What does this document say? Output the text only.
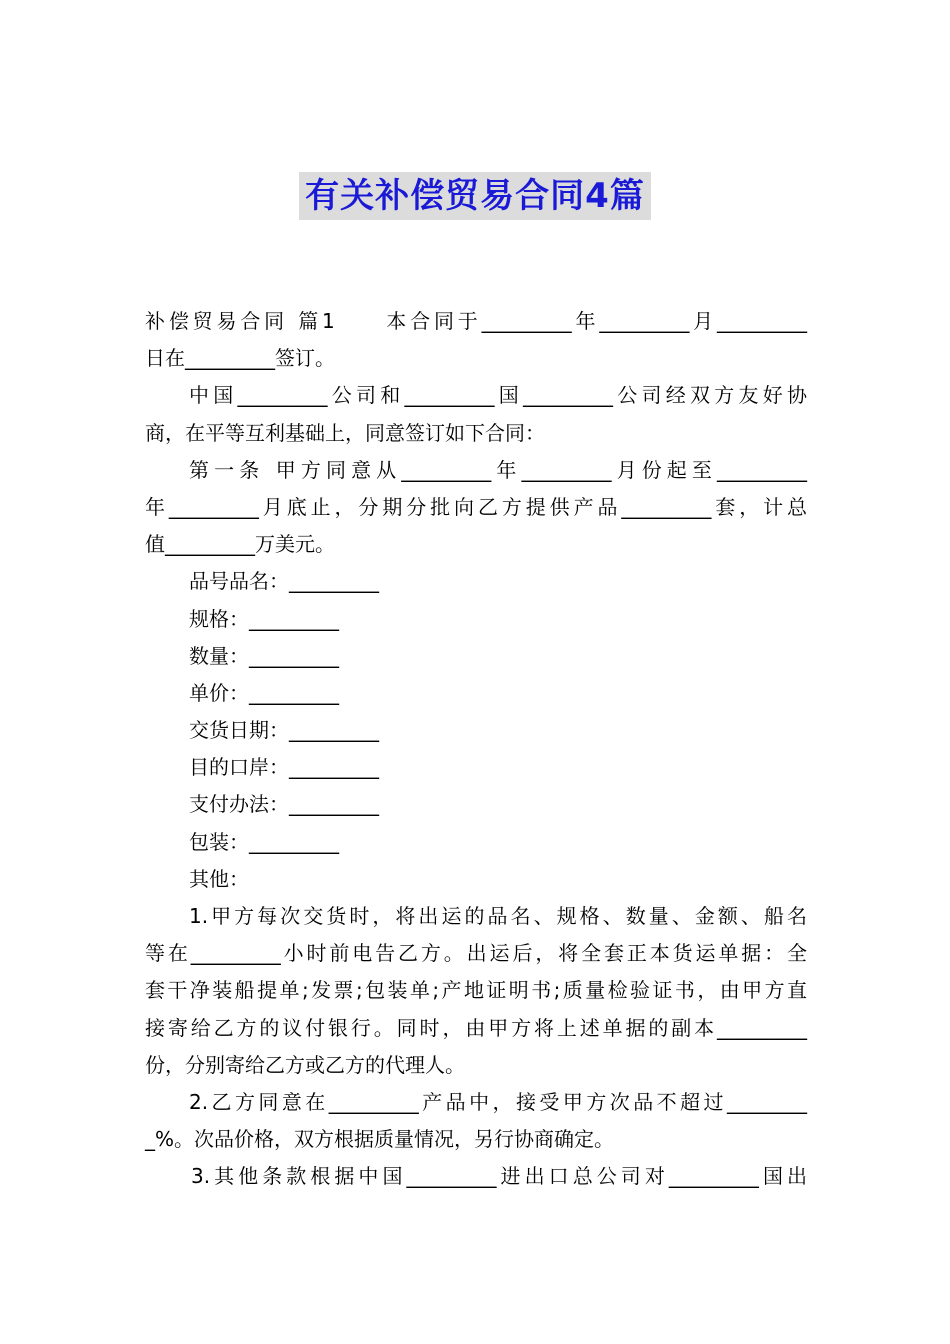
有关补偿贸易合同4篇
补偿贸易合同 篇1　　本合同于_________年_________月_________
日在_________签订。
中国_________公司和_________国_________公司经双方友好协
商，在平等互利基础上，同意签订如下合同：
第一条 甲方同意从_________年_________月份起至_________
年_________月底止，分期分批向乙方提供产品_________套，计总
值_________万美元。
品号品名：_________
规格：_________
数量：_________
单价：_________
交货日期：_________
目的口岸：_________
支付办法：_________
包装：_________
其他：
1.甲方每次交货时，将出运的品名、规格、数量、金额、船名
等在_________小时前电告乙方。出运后，将全套正本货运单据：全
套干净装船提单;发票;包装单;产地证明书;质量检验证书，由甲方直
接寄给乙方的议付银行。同时，由甲方将上述单据的副本_________
份，分别寄给乙方或乙方的代理人。
2.乙方同意在_________产品中，接受甲方次品不超过________
_%。次品价格，双方根据质量情况，另行协商确定。
3.其他条款根据中国_________进出口总公司对_________国出
